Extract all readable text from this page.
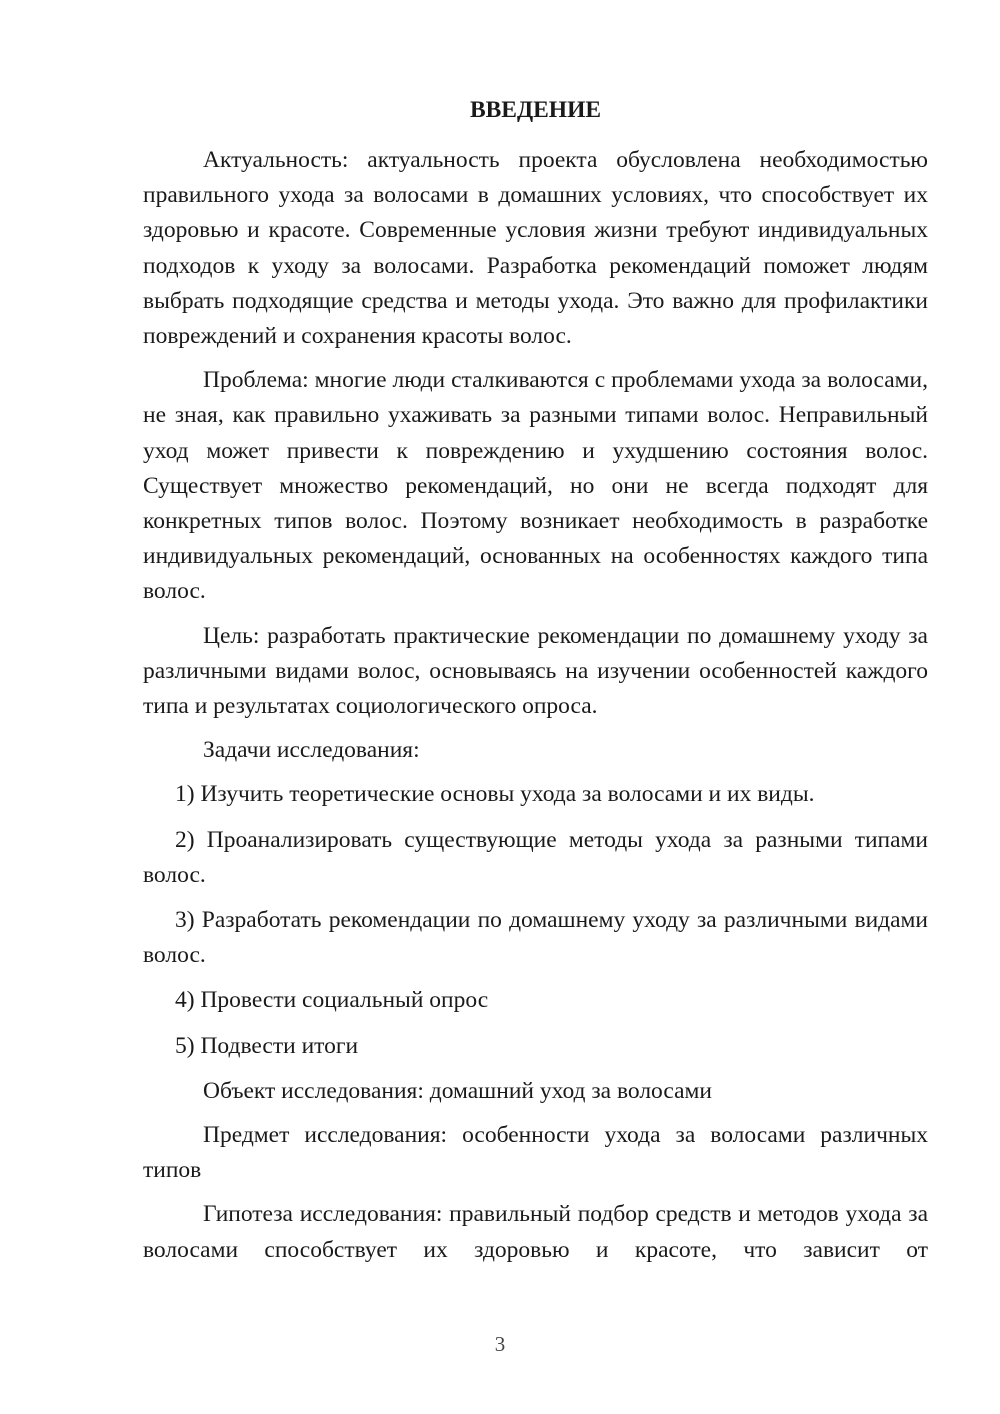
ВВЕДЕНИЕ

Актуальность: актуальность проекта обусловлена необходимостью правильного ухода за волосами в домашних условиях, что способствует их здоровью и красоте. Современные условия жизни требуют индивидуальных подходов к уходу за волосами. Разработка рекомендаций поможет людям выбрать подходящие средства и методы ухода. Это важно для профилактики повреждений и сохранения красоты волос.

Проблема: многие люди сталкиваются с проблемами ухода за волосами, не зная, как правильно ухаживать за разными типами волос. Неправильный уход может привести к повреждению и ухудшению состояния волос. Существует множество рекомендаций, но они не всегда подходят для конкретных типов волос. Поэтому возникает необходимость в разработке индивидуальных рекомендаций, основанных на особенностях каждого типа волос.

Цель: разработать практические рекомендации по домашнему уходу за различными видами волос, основываясь на изучении особенностей каждого типа и результатах социологического опроса.

Задачи исследования:

1) Изучить теоретические основы ухода за волосами и их виды.

2) Проанализировать существующие методы ухода за разными типами волос.

3) Разработать рекомендации по домашнему уходу за различными видами волос.

4) Провести социальный опрос

5) Подвести итоги

Объект исследования: домашний уход за волосами

Предмет исследования: особенности ухода за волосами различных типов

Гипотеза исследования: правильный подбор средств и методов ухода за волосами способствует их здоровью и красоте, что зависит от

3
